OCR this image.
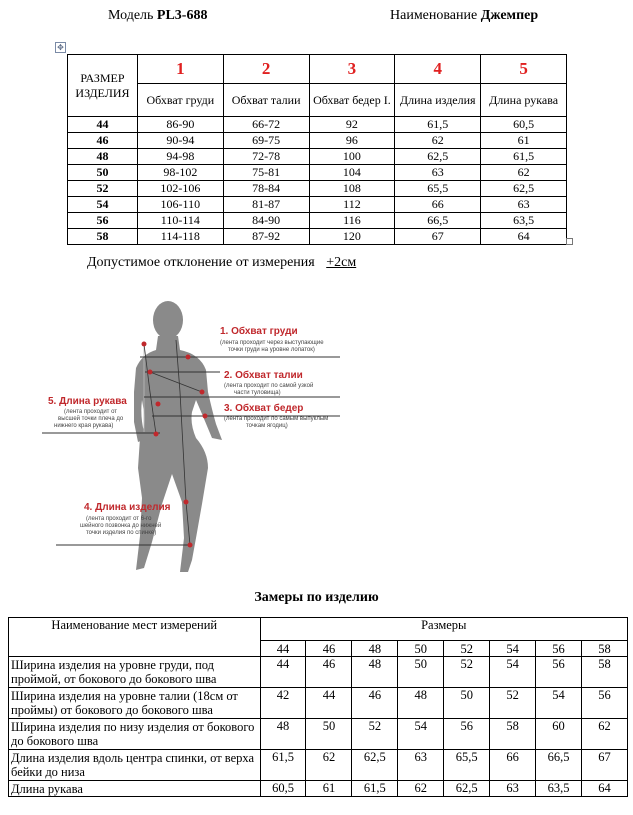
Модель PL3-688	Наименование Джемпер
✥
РАЗМЕР ИЗДЕЛИЯ	1	2	3	4	5
	Обхват груди	Обхват талии	Обхват бедер I.	Длина изделия	Длина рукава
44	86-90	66-72	92	61,5	60,5
46	90-94	69-75	96	62	61
48	94-98	72-78	100	62,5	61,5
50	98-102	75-81	104	63	62
52	102-106	78-84	108	65,5	62,5
54	106-110	81-87	112	66	63
56	110-114	84-90	116	66,5	63,5
58	114-118	87-92	120	67	64
Допустимое отклонение от измерения +2см
1. Обхват груди
(лента проходит через выступающие
точки груди на уровне лопаток)
2. Обхват талии
(лента проходит по самой узкой
части туловища)
3. Обхват бедер
(лента проходит по самым выпуклым
точкам ягодиц)
5. Длина рукава
(лента проходит от
высшей точки плеча до
нижнего края рукава)
4. Длина изделия
(лента проходит от 6-го
шейного позвонка до нижней
точки изделия по спинке)
Замеры по изделию
Наименование мест измерений	Размеры							
	44	46	48	50	52	54	56	58
Ширина изделия на уровне груди, под проймой, от бокового до бокового шва	44	46	48	50	52	54	56	58
Ширина изделия на уровне талии (18см от проймы) от бокового до бокового шва	42	44	46	48	50	52	54	56
Ширина изделия по низу изделия от бокового до бокового шва	48	50	52	54	56	58	60	62
Длина изделия вдоль центра спинки, от верха бейки до низа	61,5	62	62,5	63	65,5	66	66,5	67
Длина рукава	60,5	61	61,5	62	62,5	63	63,5	64
